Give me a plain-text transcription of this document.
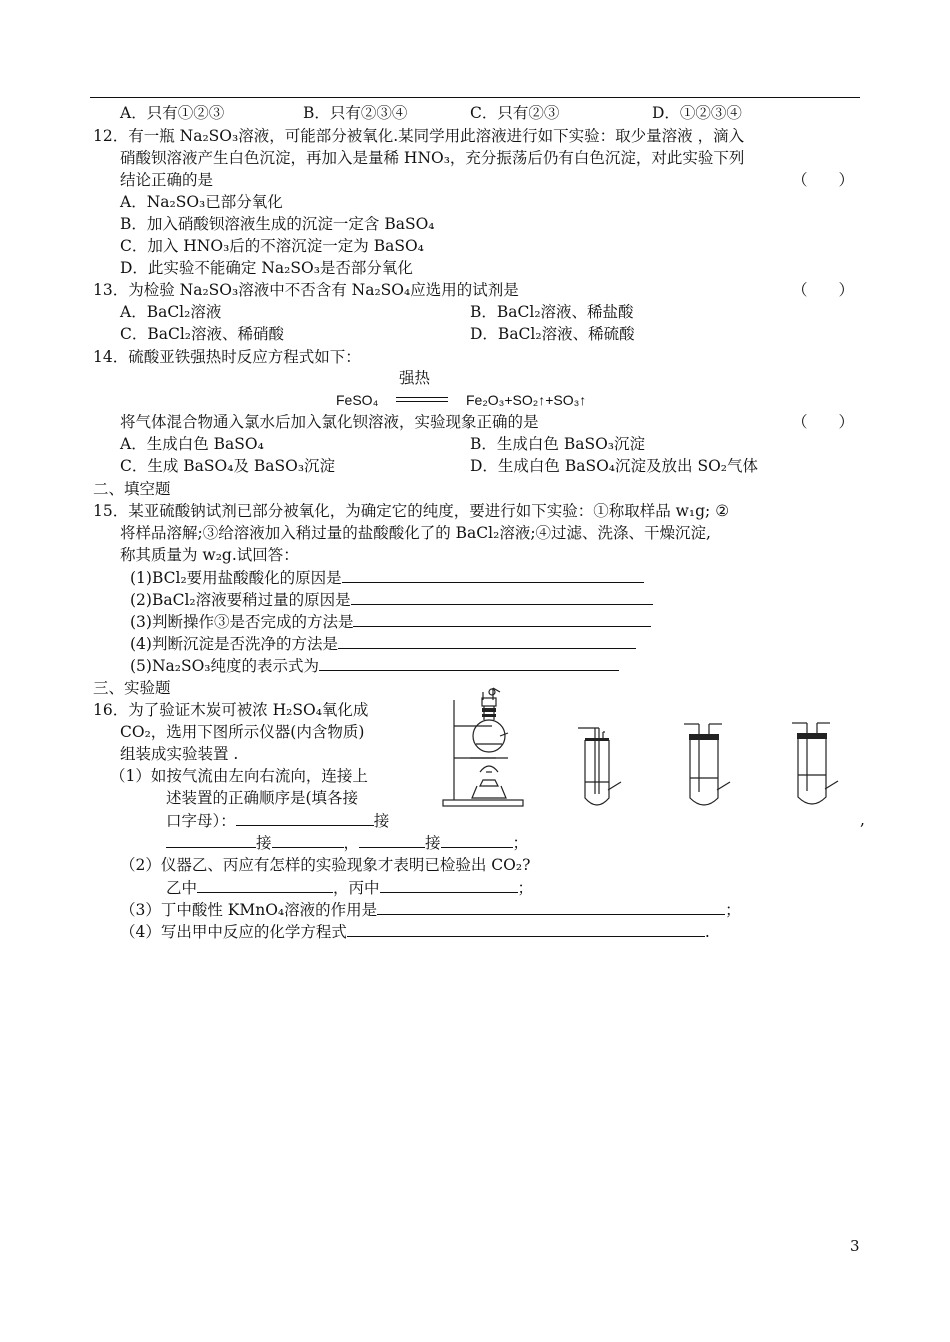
A．只有①②③	B．只有②③④	C．只有②③	D．①②③④
12．有一瓶 Na₂SO₃溶液，可能部分被氧化.某同学用此溶液进行如下实验：取少量溶液 ，滴入
硝酸钡溶液产生白色沉淀，再加入是量稀 HNO₃，充分振荡后仍有白色沉淀，对此实验下列
结论正确的是	（　　）
A．Na₂SO₃已部分氧化
B．加入硝酸钡溶液生成的沉淀一定含 BaSO₄
C．加入 HNO₃后的不溶沉淀一定为 BaSO₄
D．此实验不能确定 Na₂SO₃是否部分氧化
13．为检验 Na₂SO₃溶液中不否含有 Na₂SO₄应选用的试剂是	（　　）
A．BaCl₂溶液	B．BaCl₂溶液、稀盐酸
C．BaCl₂溶液、稀硝酸	D．BaCl₂溶液、稀硫酸
14．硫酸亚铁强热时反应方程式如下：
强热
FeSO₄	Fe₂O₃+SO₂↑+SO₃↑
将气体混合物通入氯水后加入氯化钡溶液，实验现象正确的是	（　　）
A．生成白色 BaSO₄	B．生成白色 BaSO₃沉淀
C．生成 BaSO₄及 BaSO₃沉淀	D．生成白色 BaSO₄沉淀及放出 SO₂气体
二、填空题
15．某亚硫酸钠试剂已部分被氧化，为确定它的纯度，要进行如下实验：①称取样品 w₁g; ②
将样品溶解;③给溶液加入稍过量的盐酸酸化了的 BaCl₂溶液;④过滤、洗涤、干燥沉淀,
称其质量为 w₂g.试回答：
(1)BCl₂要用盐酸酸化的原因是
(2)BaCl₂溶液要稍过量的原因是
(3)判断操作③是否完成的方法是
(4)判断沉淀是否洗净的方法是
(5)Na₂SO₃纯度的表示式为
三、实验题
16．为了验证木炭可被浓 H₂SO₄氧化成
CO₂，选用下图所示仪器(内含物质)
组装成实验装置 .
（1）如按气流由左向右流向，连接上
述装置的正确顺序是(填各接
口字母）：	接	,
接	，	接	；
（2）仪器乙、丙应有怎样的实验现象才表明已检验出 CO₂?
乙中	，丙中	；
（3）丁中酸性 KMnO₄溶液的作用是	；
（4）写出甲中反应的化学方程式	.
3
